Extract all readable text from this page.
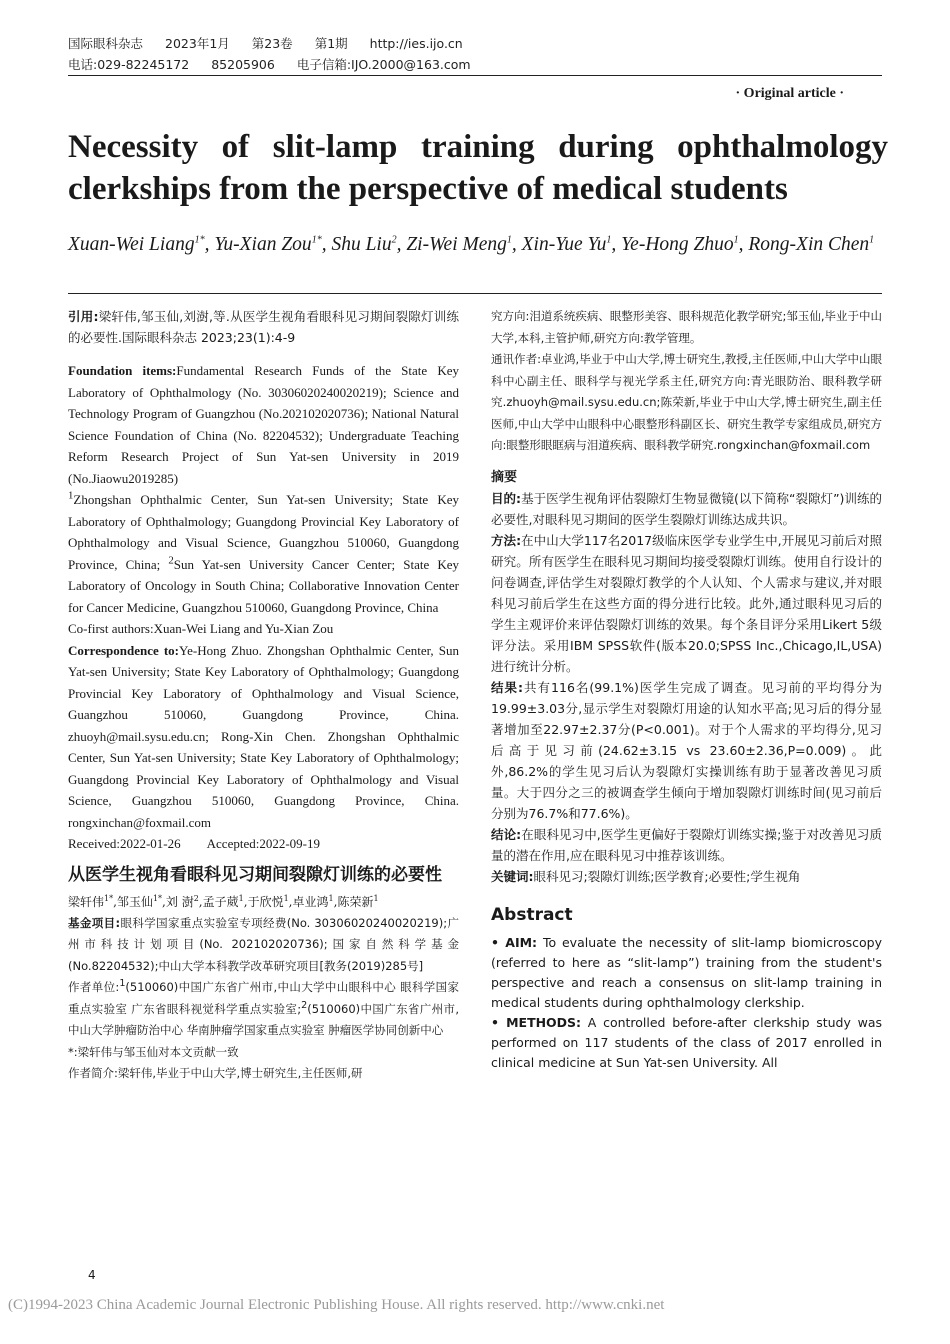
国际眼科杂志 2023年1月 第23卷 第1期 http://ies.ijo.cn
电话:029-82245172 85205906 电子信箱:IJO.2000@163.com
· Original article ·
Necessity of slit-lamp training during ophthalmology clerkships from the perspective of medical students
Xuan-Wei Liang$^{1*}$, Yu-Xian Zou$^{1*}$, Shu Liu$^2$, Zi-Wei Meng$^1$, Xin-Yue Yu$^1$, Ye-Hong Zhuo$^1$, Rong-Xin Chen$^1$

引用:梁轩伟,邹玉仙,刘澍,等.从医学生视角看眼科见习期间裂隙灯训练的必要性.国际眼科杂志 2023;23(1):4-9

Foundation items:Fundamental Research Funds of the State Key Laboratory of Ophthalmology (No. 30306020240020219); Science and Technology Program of Guangzhou (No.202102020736); National Natural Science Foundation of China (No. 82204532); Undergraduate Teaching Reform Research Project of Sun Yat-sen University in 2019 (No.Jiaowu2019285)

$^1$Zhongshan Ophthalmic Center, Sun Yat-sen University; State Key Laboratory of Ophthalmology; Guangdong Provincial Key Laboratory of Ophthalmology and Visual Science, Guangzhou 510060, Guangdong Province, China; $^2$Sun Yat-sen University Cancer Center; State Key Laboratory of Oncology in South China; Collaborative Innovation Center for Cancer Medicine, Guangzhou 510060, Guangdong Province, China

Co-first authors:Xuan-Wei Liang and Yu-Xian Zou

Correspondence to:Ye-Hong Zhuo. Zhongshan Ophthalmic Center, Sun Yat-sen University; State Key Laboratory of Ophthalmology; Guangdong Provincial Key Laboratory of Ophthalmology and Visual Science, Guangzhou 510060, Guangdong Province, China. zhuoyh@mail.sysu.edu.cn; Rong-Xin Chen. Zhongshan Ophthalmic Center, Sun Yat-sen University; State Key Laboratory of Ophthalmology; Guangdong Provincial Key Laboratory of Ophthalmology and Visual Science, Guangzhou 510060, Guangdong Province, China. rongxinchan@foxmail.com

Received:2022-01-26 Accepted:2022-09-19

从医学生视角看眼科见习期间裂隙灯训练的必要性
梁轩伟$^{1*}$,邹玉仙$^{1*}$,刘 澍$^2$,孟子葳$^1$,于欣悦$^1$,卓业鸿$^1$,陈荣新$^1$

基金项目:眼科学国家重点实验室专项经费(No. 30306020240020219);广州市科技计划项目(No. 202102020736);国家自然科学基金(No.82204532);中山大学本科教学改革研究项目[教务(2019)285号]

作者单位:$^1$(510060)中国广东省广州市,中山大学中山眼科中心 眼科学国家重点实验室 广东省眼科视觉科学重点实验室;$^2$(510060)中国广东省广州市,中山大学肿瘤防治中心 华南肿瘤学国家重点实验室 肿瘤医学协同创新中心

*:梁轩伟与邹玉仙对本文贡献一致

作者简介:梁轩伟,毕业于中山大学,博士研究生,主任医师,研

究方向:泪道系统疾病、眼整形美容、眼科规范化教学研究;邹玉仙,毕业于中山大学,本科,主管护师,研究方向:教学管理。

通讯作者:卓业鸿,毕业于中山大学,博士研究生,教授,主任医师,中山大学中山眼科中心副主任、眼科学与视光学系主任,研究方向:青光眼防治、眼科教学研究.zhuoyh@mail.sysu.edu.cn;陈荣新,毕业于中山大学,博士研究生,副主任医师,中山大学中山眼科中心眼整形科副区长、研究生教学专家组成员,研究方向:眼整形眼眶病与泪道疾病、眼科教学研究.rongxinchan@foxmail.com

摘要

目的:基于医学生视角评估裂隙灯生物显微镜(以下简称“裂隙灯”)训练的必要性,对眼科见习期间的医学生裂隙灯训练达成共识。

方法:在中山大学117名2017级临床医学专业学生中,开展见习前后对照研究。所有医学生在眼科见习期间均接受裂隙灯训练。使用自行设计的问卷调查,评估学生对裂隙灯教学的个人认知、个人需求与建议,并对眼科见习前后学生在这些方面的得分进行比较。此外,通过眼科见习后的学生主观评价来评估裂隙灯训练的效果。每个条目评分采用Likert 5级评分法。采用IBM SPSS软件(版本20.0;SPSS Inc.,Chicago,IL,USA)进行统计分析。

结果:共有116名(99.1%)医学生完成了调查。见习前的平均得分为19.99±3.03分,显示学生对裂隙灯用途的认知水平高;见习后的得分显著增加至22.97±2.37分(P<0.001)。对于个人需求的平均得分,见习后高于见习前(24.62±3.15 vs 23.60±2.36,P=0.009)。此外,86.2%的学生见习后认为裂隙灯实操训练有助于显著改善见习质量。大于四分之三的被调查学生倾向于增加裂隙灯训练时间(见习前后分别为76.7%和77.6%)。

结论:在眼科见习中,医学生更偏好于裂隙灯训练实操;鉴于对改善见习质量的潜在作用,应在眼科见习中推荐该训练。

关键词:眼科见习;裂隙灯训练;医学教育;必要性;学生视角

Abstract

• AIM: To evaluate the necessity of slit-lamp biomicroscopy (referred to here as “slit-lamp”) training from the student's perspective and reach a consensus on slit-lamp training in medical students during ophthalmology clerkship.

• METHODS: A controlled before-after clerkship study was performed on 117 students of the class of 2017 enrolled in clinical medicine at Sun Yat-sen University. All

4
(C)1994-2023 China Academic Journal Electronic Publishing House. All rights reserved. http://www.cnki.net
